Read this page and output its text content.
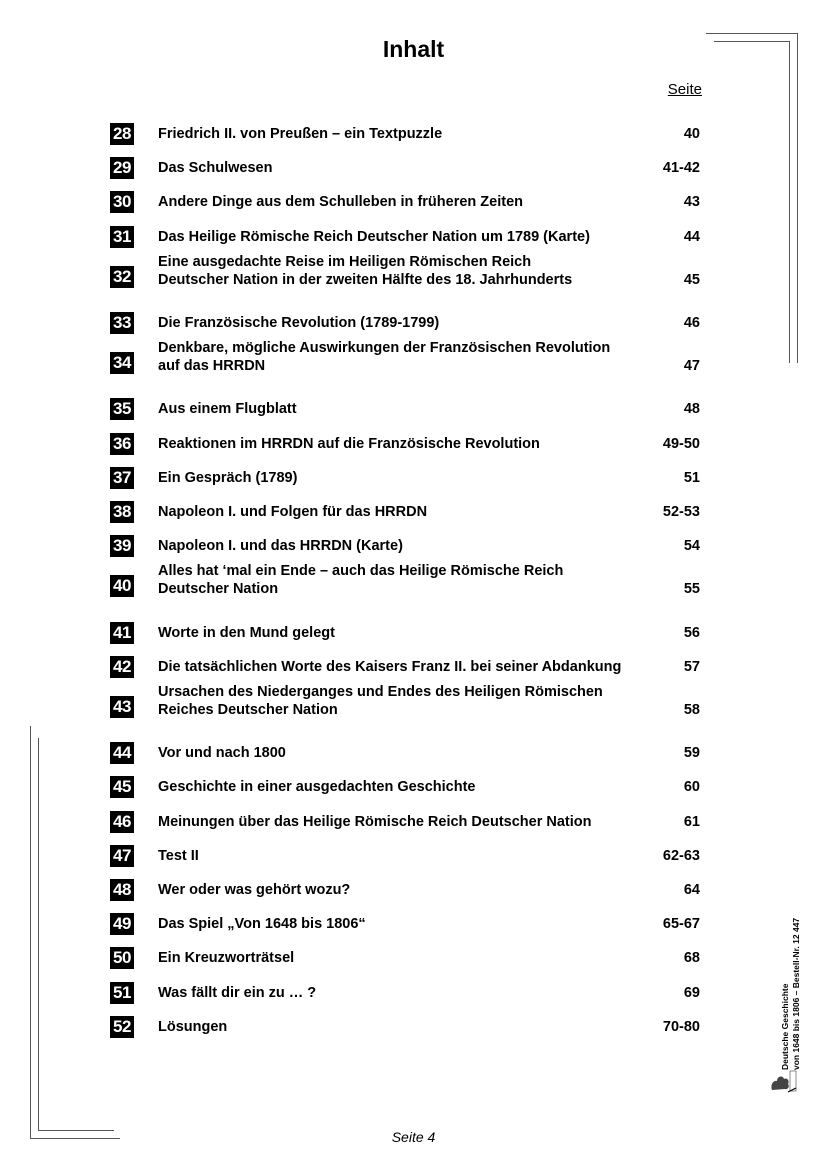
Inhalt
Seite
28 Friedrich II. von Preußen – ein Textpuzzle	40
29 Das Schulwesen	41-42
30 Andere Dinge aus dem Schulleben in früheren Zeiten	43
31 Das Heilige Römische Reich Deutscher Nation um 1789 (Karte)	44
32
Eine ausgedachte Reise im Heiligen Römischen Reich
Deutscher Nation in der zweiten Hälfte des 18. Jahrhunderts	45
33 Die Französische Revolution (1789-1799)	46
34
Denkbare, mögliche Auswirkungen der Französischen Revolution
auf das HRRDN	47
35 Aus einem Flugblatt	48
36 Reaktionen im HRRDN auf die Französische Revolution	49-50
37 Ein Gespräch (1789)	51
38 Napoleon I. und Folgen für das HRRDN	52-53
39 Napoleon I. und das HRRDN (Karte)	54
40
Alles hat ‘mal ein Ende – auch das Heilige Römische Reich
Deutscher Nation	55
41 Worte in den Mund gelegt	56
42 Die tatsächlichen Worte des Kaisers Franz II. bei seiner Abdankung	57
43
Ursachen des Niederganges und Endes des Heiligen Römischen
Reiches Deutscher Nation	58
44 Vor und nach 1800	59
45 Geschichte in einer ausgedachten Geschichte	60
46 Meinungen über das Heilige Römische Reich Deutscher Nation	61
47 Test II	62-63
48 Wer oder was gehört wozu?	64
49 Das Spiel „Von 1648 bis 1806“	65-67
50 Ein Kreuzworträtsel	68
51 Was fällt dir ein zu … ?	69
52 Lösungen	70-80	Deutsche Geschichte von 1648 bis 1806 – Bestell-Nr. 12 447
Seite 4
